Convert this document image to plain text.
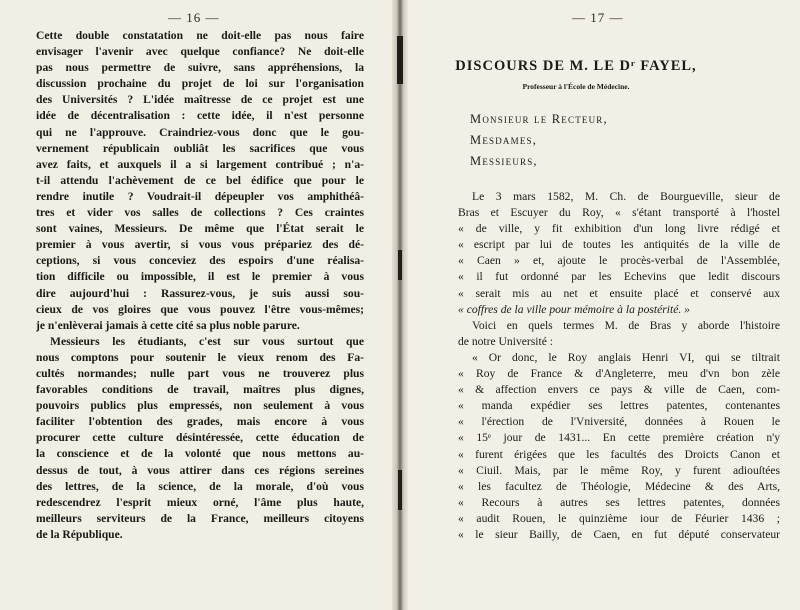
— 16 —
Cette double constatation ne doit-elle pas nous faire
envisager l'avenir avec quelque confiance? Ne doit-elle
pas nous permettre de suivre, sans appréhensions, la
discussion prochaine du projet de loi sur l'organisation
des Universités ? L'idée maîtresse de ce projet est une
idée de décentralisation : cette idée, il n'est personne
qui ne l'approuve. Craindriez-vous donc que le gou-
vernement républicain oubliât les sacrifices que vous
avez faits, et auxquels il a si largement contribué ; n'a-
t-il attendu l'achèvement de ce bel édifice que pour le
rendre inutile ? Voudrait-il dépeupler vos amphithéâ-
tres et vider vos salles de collections ? Ces craintes
sont vaines, Messieurs. De même que l'État serait le
premier à vous avertir, si vous vous prépariez des dé-
ceptions, si vous conceviez des espoirs d'une réalisa-
tion difficile ou impossible, il est le premier à vous
dire aujourd'hui : Rassurez-vous, je suis aussi sou-
cieux de vos gloires que vous pouvez l'être vous-mêmes;
je n'enlèverai jamais à cette cité sa plus noble parure.
Messieurs les étudiants, c'est sur vous surtout que
nous comptons pour soutenir le vieux renom des Fa-
cultés normandes; nulle part vous ne trouverez plus
favorables conditions de travail, maîtres plus dignes,
pouvoirs publics plus empressés, non seulement à vous
faciliter l'obtention des grades, mais encore à vous
procurer cette culture désintéressée, cette éducation de
la conscience et de la volonté que nous mettons au-
dessus de tout, à vous attirer dans ces régions sereines
des lettres, de la science, de la morale, d'où vous
redescendrez l'esprit mieux orné, l'âme plus haute,
meilleurs serviteurs de la France, meilleurs citoyens
de la République.
— 17 —
DISCOURS DE M. LE Dʳ FAYEL,
Professeur à l'École de Médecine.
Monsieur le Recteur,
Mesdames,
Messieurs,
Le 3 mars 1582, M. Ch. de Bourgueville, sieur de
Bras et Escuyer du Roy, « s'étant transporté à l'hostel
« de ville, y fit exhibition d'un long livre rédigé et
« escript par lui de toutes les antiquités de la ville de
« Caen » et, ajoute le procès-verbal de l'Assemblée,
« il fut ordonné par les Echevins que ledit discours
« serait mis au net et ensuite placé et conservé aux
« coffres de la ville pour mémoire à la postérité. »
Voici en quels termes M. de Bras y aborde l'histoire
de notre Université :
« Or donc, le Roy anglais Henri VI, qui se tiltrait
« Roy de France & d'Angleterre, meu d'vn bon zèle
« & affection envers ce pays & ville de Caen, com-
« manda expédier ses lettres patentes, contenantes
« l'érection de l'Vniversité, données à Rouen le
« 15ᵉ jour de 1431... En cette première création n'y
« furent érigées que les facultés des Droicts Canon et
« Ciuil. Mais, par le même Roy, y furent adiouſtées
« les facultez de Théologie, Médecine & des Arts,
« Recours à autres ses lettres patentes, données
« audit Rouen, le quinzième iour de Féurier 1436 ;
« le sieur Bailly, de Caen, en fut député conservateur
